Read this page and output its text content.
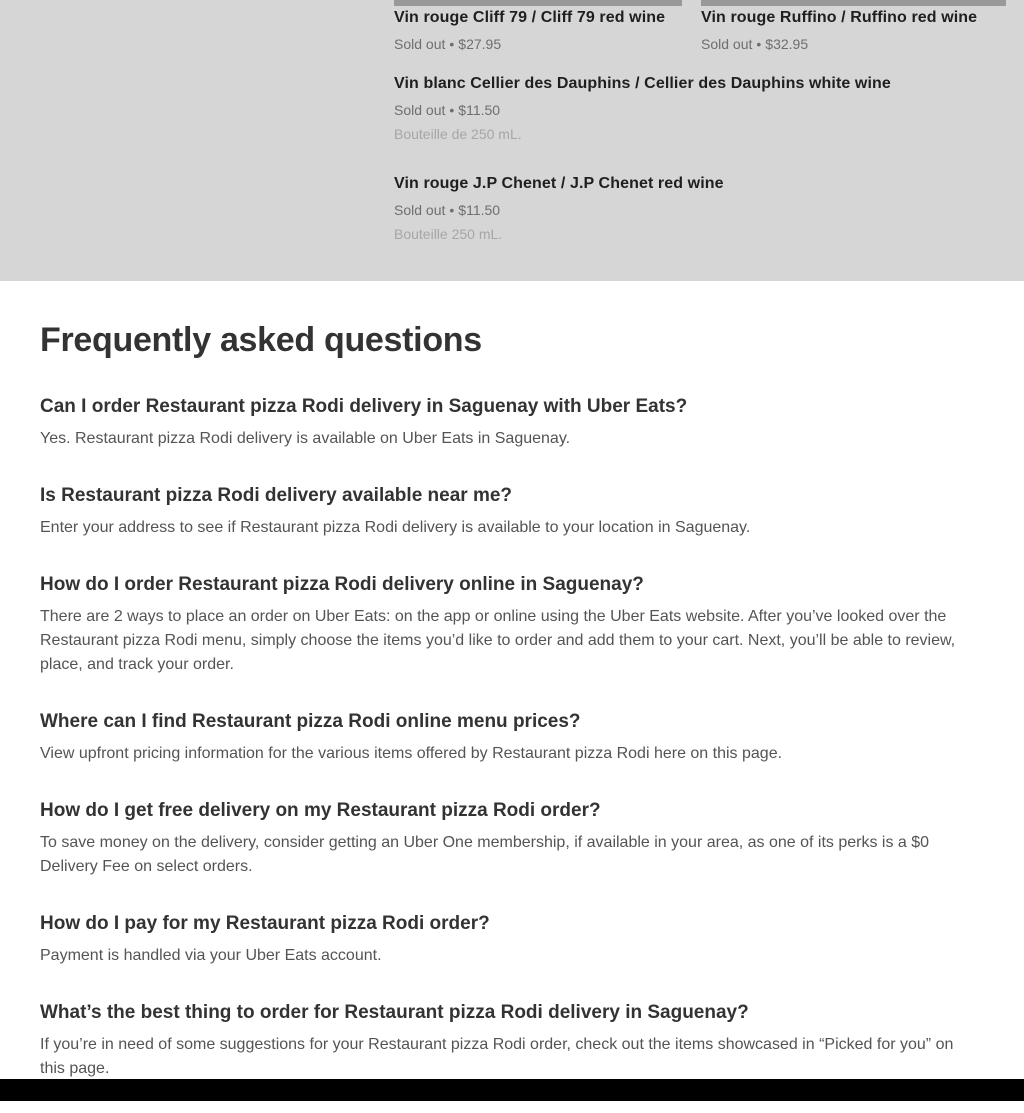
Vin rouge Cliff 79 / Cliff 79 red wine
Sold out • $27.95
Vin rouge Ruffino / Ruffino red wine
Sold out • $32.95
Vin blanc Cellier des Dauphins / Cellier des Dauphins white wine
Sold out • $11.50
Bouteille de 250 mL.
Vin rouge J.P Chenet / J.P Chenet red wine
Sold out • $11.50
Bouteille 250 mL.
Frequently asked questions
Can I order Restaurant pizza Rodi delivery in Saguenay with Uber Eats?

Yes. Restaurant pizza Rodi delivery is available on Uber Eats in Saguenay.

Is Restaurant pizza Rodi delivery available near me?

Enter your address to see if Restaurant pizza Rodi delivery is available to your location in Saguenay.

How do I order Restaurant pizza Rodi delivery online in Saguenay?

There are 2 ways to place an order on Uber Eats: on the app or online using the Uber Eats website. After you’ve looked over the Restaurant pizza Rodi menu, simply choose the items you’d like to order and add them to your cart. Next, you’ll be able to review, place, and track your order.

Where can I find Restaurant pizza Rodi online menu prices?

View upfront pricing information for the various items offered by Restaurant pizza Rodi here on this page.

How do I get free delivery on my Restaurant pizza Rodi order?

To save money on the delivery, consider getting an Uber One membership, if available in your area, as one of its perks is a $0 Delivery Fee on select orders.

How do I pay for my Restaurant pizza Rodi order?

Payment is handled via your Uber Eats account.

What’s the best thing to order for Restaurant pizza Rodi delivery in Saguenay?

If you’re in need of some suggestions for your Restaurant pizza Rodi order, check out the items showcased in “Picked for you” on this page.
